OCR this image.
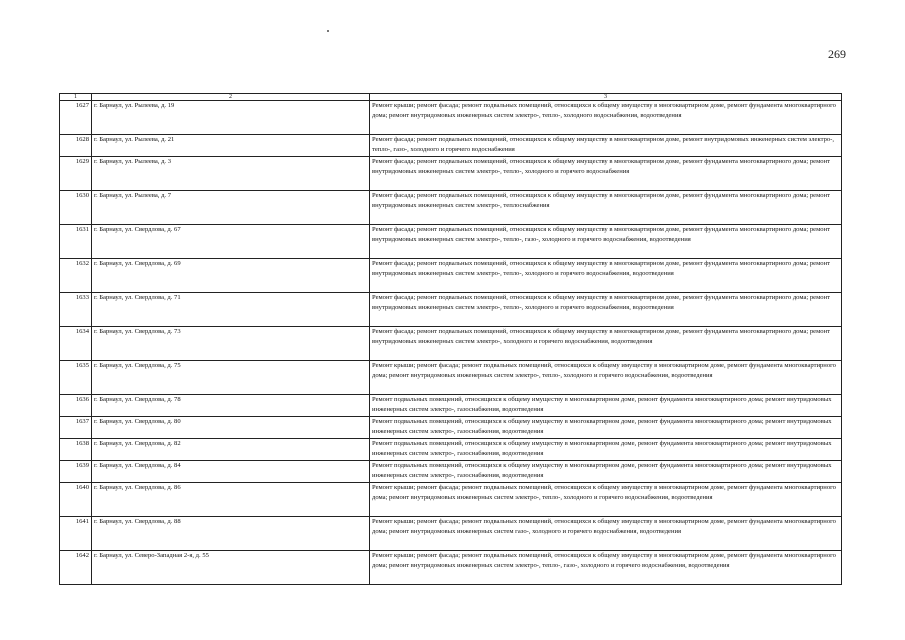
269
1	2	3
1627	г. Барнаул, ул. Рылеева, д. 19	Ремонт крыши; ремонт фасада; ремонт подвальных помещений, относящихся к общему имуществу в многоквартирном доме, ремонт фундамента многоквартирного дома; ремонт внутридомовых инженерных систем электро-, тепло-, холодного водоснабжения, водоотведения
1628	г. Барнаул, ул. Рылеева, д. 21	Ремонт фасада; ремонт подвальных помещений, относящихся к общему имуществу в многоквартирном доме, ремонт внутридомовых инженерных систем электро-, тепло-, газо-, холодного и горячего водоснабжения
1629	г. Барнаул, ул. Рылеева, д. 3	Ремонт фасада; ремонт подвальных помещений, относящихся к общему имуществу в многоквартирном доме, ремонт фундамента многоквартирного дома; ремонт внутридомовых инженерных систем электро-, тепло-, холодного и горячего водоснабжения
1630	г. Барнаул, ул. Рылеева, д. 7	Ремонт фасада; ремонт подвальных помещений, относящихся к общему имуществу в многоквартирном доме, ремонт фундамента многоквартирного дома; ремонт внутридомовых инженерных систем электро-, теплоснабжения
1631	г. Барнаул, ул. Свердлова, д. 67	Ремонт фасада; ремонт подвальных помещений, относящихся к общему имуществу в многоквартирном доме, ремонт фундамента многоквартирного дома; ремонт внутридомовых инженерных систем электро-, тепло-, газо-, холодного и горячего водоснабжения, водоотведения
1632	г. Барнаул, ул. Свердлова, д. 69	Ремонт фасада; ремонт подвальных помещений, относящихся к общему имуществу в многоквартирном доме, ремонт фундамента многоквартирного дома; ремонт внутридомовых инженерных систем электро-, тепло-, холодного и горячего водоснабжения, водоотведения
1633	г. Барнаул, ул. Свердлова, д. 71	Ремонт фасада; ремонт подвальных помещений, относящихся к общему имуществу в многоквартирном доме, ремонт фундамента многоквартирного дома; ремонт внутридомовых инженерных систем электро-, тепло-, холодного и горячего водоснабжения, водоотведения
1634	г. Барнаул, ул. Свердлова, д. 73	Ремонт фасада; ремонт подвальных помещений, относящихся к общему имуществу в многоквартирном доме, ремонт фундамента многоквартирного дома; ремонт внутридомовых инженерных систем электро-, холодного и горячего водоснабжения, водоотведения
1635	г. Барнаул, ул. Свердлова, д. 75	Ремонт крыши; ремонт фасада; ремонт подвальных помещений, относящихся к общему имуществу в многоквартирном доме, ремонт фундамента многоквартирного дома; ремонт внутридомовых инженерных систем электро-, тепло-, холодного и горячего водоснабжения, водоотведения
1636	г. Барнаул, ул. Свердлова, д. 78	Ремонт подвальных помещений, относящихся к общему имуществу в многоквартирном доме, ремонт фундамента многоквартирного дома; ремонт внутридомовых инженерных систем электро-, газоснабжения, водоотведения
1637	г. Барнаул, ул. Свердлова, д. 80	Ремонт подвальных помещений, относящихся к общему имуществу в многоквартирном доме, ремонт фундамента многоквартирного дома; ремонт внутридомовых инженерных систем электро-, газоснабжения, водоотведения
1638	г. Барнаул, ул. Свердлова, д. 82	Ремонт подвальных помещений, относящихся к общему имуществу в многоквартирном доме, ремонт фундамента многоквартирного дома; ремонт внутридомовых инженерных систем электро-, газоснабжения, водоотведения
1639	г. Барнаул, ул. Свердлова, д. 84	Ремонт подвальных помещений, относящихся к общему имуществу в многоквартирном доме, ремонт фундамента многоквартирного дома; ремонт внутридомовых инженерных систем электро-, газоснабжения, водоотведения
1640	г. Барнаул, ул. Свердлова, д. 86	Ремонт крыши; ремонт фасада; ремонт подвальных помещений, относящихся к общему имуществу в многоквартирном доме, ремонт фундамента многоквартирного дома; ремонт внутридомовых инженерных систем электро-, тепло-, холодного и горячего водоснабжения, водоотведения
1641	г. Барнаул, ул. Свердлова, д. 88	Ремонт крыши; ремонт фасада; ремонт подвальных помещений, относящихся к общему имуществу в многоквартирном доме, ремонт фундамента многоквартирного дома; ремонт внутридомовых инженерных систем газо-, холодного и горячего водоснабжения, водоотведения
1642	г. Барнаул, ул. Северо-Западная 2-я, д. 55	Ремонт крыши; ремонт фасада; ремонт подвальных помещений, относящихся к общему имуществу в многоквартирном доме, ремонт фундамента многоквартирного дома; ремонт внутридомовых инженерных систем электро-, тепло-, газо-, холодного и горячего водоснабжения, водоотведения
